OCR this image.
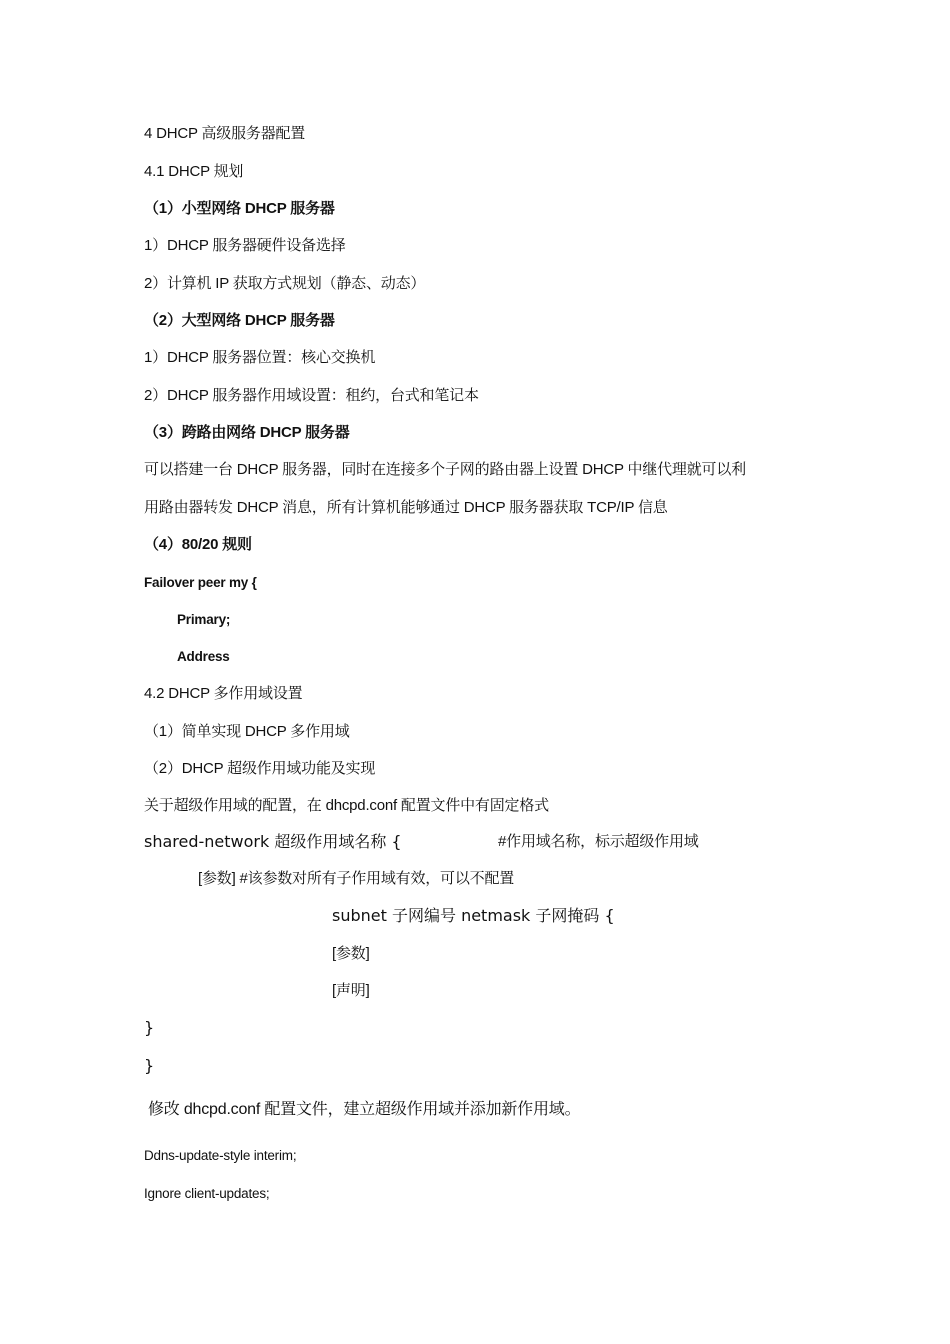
4 DHCP 高级服务器配置
4.1 DHCP 规划
（1）小型网络 DHCP 服务器
1）DHCP 服务器硬件设备选择
2）计算机 IP 获取方式规划（静态、动态）
（2）大型网络 DHCP 服务器
1）DHCP 服务器位置：核心交换机
2）DHCP 服务器作用域设置：租约，台式和笔记本
（3）跨路由网络 DHCP 服务器
可以搭建一台 DHCP 服务器，同时在连接多个子网的路由器上设置 DHCP 中继代理就可以利
用路由器转发 DHCP 消息，所有计算机能够通过 DHCP 服务器获取 TCP/IP 信息
（4）80/20 规则
Failover peer my {
Primary;
Address
4.2 DHCP 多作用域设置
（1）简单实现 DHCP 多作用域
（2）DHCP 超级作用域功能及实现
关于超级作用域的配置，在 dhcpd.conf 配置文件中有固定格式
shared-network 超级作用域名称 {	#作用域名称，标示超级作用域
[参数] #该参数对所有子作用域有效，可以不配置
subnet 子网编号 netmask 子网掩码 {
[参数]
[声明]
}
}
修改 dhcpd.conf 配置文件，建立超级作用域并添加新作用域。
Ddns-update-style interim;
Ignore client-updates;
